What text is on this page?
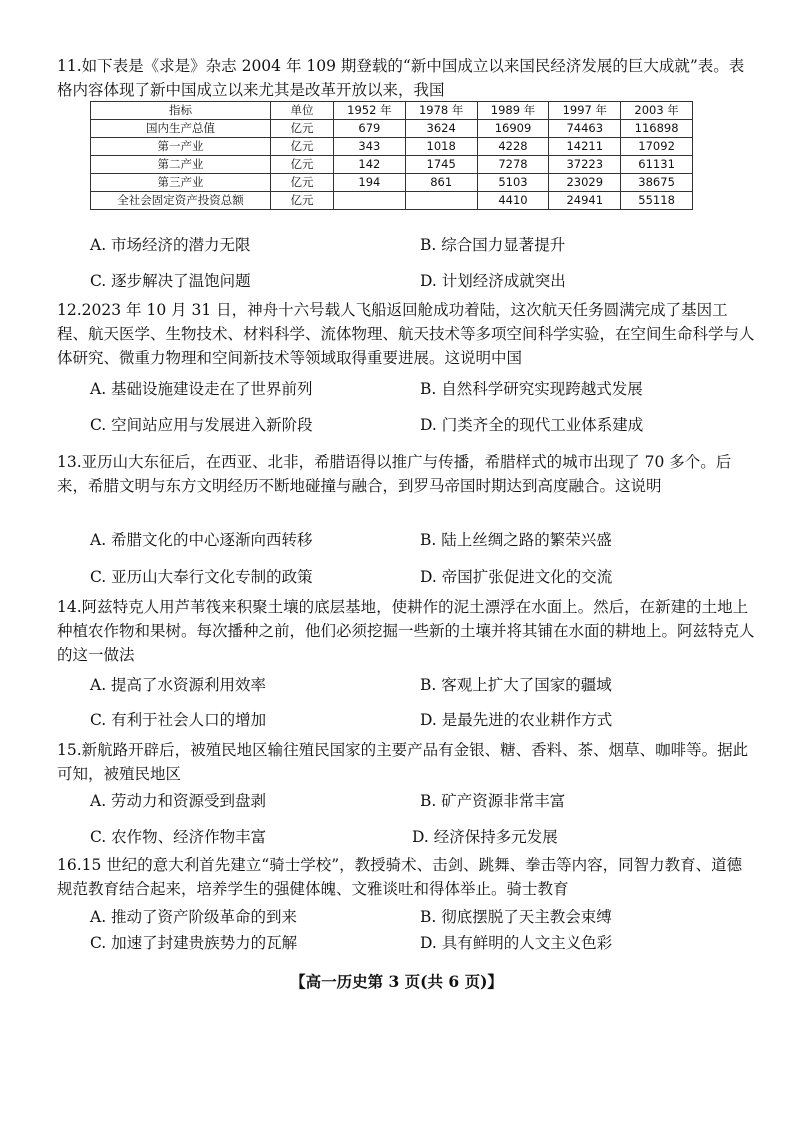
11.如下表是《求是》杂志 2004 年 109 期登载的“新中国成立以来国民经济发展的巨大成就”表。表格内容体现了新中国成立以来尤其是改革开放以来，我国
指标	单位	1952 年	1978 年	1989 年	1997 年	2003 年
国内生产总值	亿元	679	3624	16909	74463	116898
第一产业	亿元	343	1018	4228	14211	17092
第二产业	亿元	142	1745	7278	37223	61131
第三产业	亿元	194	861	5103	23029	38675
全社会固定资产投资总额	亿元			4410	24941	55118
A. 市场经济的潜力无限	B. 综合国力显著提升
C. 逐步解决了温饱问题	D. 计划经济成就突出
12.2023 年 10 月 31 日，神舟十六号载人飞船返回舱成功着陆，这次航天任务圆满完成了基因工程、航天医学、生物技术、材料科学、流体物理、航天技术等多项空间科学实验，在空间生命科学与人体研究、微重力物理和空间新技术等领域取得重要进展。这说明中国
A. 基础设施建设走在了世界前列	B. 自然科学研究实现跨越式发展
C. 空间站应用与发展进入新阶段	D. 门类齐全的现代工业体系建成
13.亚历山大东征后，在西亚、北非，希腊语得以推广与传播，希腊样式的城市出现了 70 多个。后来，希腊文明与东方文明经历不断地碰撞与融合，到罗马帝国时期达到高度融合。这说明
A. 希腊文化的中心逐渐向西转移	B. 陆上丝绸之路的繁荣兴盛
C. 亚历山大奉行文化专制的政策	D. 帝国扩张促进文化的交流
14.阿兹特克人用芦苇筏来积聚土壤的底层基地，使耕作的泥土漂浮在水面上。然后，在新建的土地上种植农作物和果树。每次播种之前，他们必须挖掘一些新的土壤并将其铺在水面的耕地上。阿兹特克人的这一做法
A. 提高了水资源利用效率	B. 客观上扩大了国家的疆域
C. 有利于社会人口的增加	D. 是最先进的农业耕作方式
15.新航路开辟后，被殖民地区输往殖民国家的主要产品有金银、糖、香料、茶、烟草、咖啡等。据此可知，被殖民地区
A. 劳动力和资源受到盘剥	B. 矿产资源非常丰富
C. 农作物、经济作物丰富	D. 经济保持多元发展
16.15 世纪的意大利首先建立“骑士学校”，教授骑术、击剑、跳舞、拳击等内容，同智力教育、道德规范教育结合起来，培养学生的强健体魄、文雅谈吐和得体举止。骑士教育
A. 推动了资产阶级革命的到来	B. 彻底摆脱了天主教会束缚
C. 加速了封建贵族势力的瓦解	D. 具有鲜明的人文主义色彩
【高一历史第 3 页(共 6 页)】
